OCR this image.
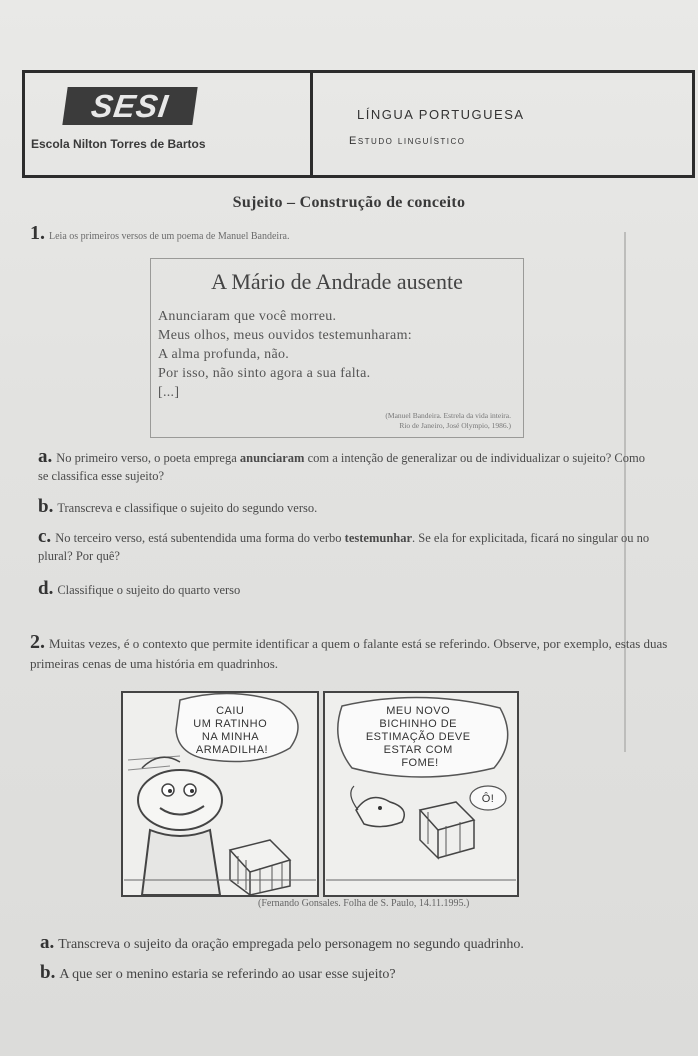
SESI
Escola Nilton Torres de Bartos
LÍNGUA PORTUGUESA
Estudo linguístico
Sujeito – Construção de conceito
1. Leia os primeiros versos de um poema de Manuel Bandeira.
A Mário de Andrade ausente
Anunciaram que você morreu.
Meus olhos, meus ouvidos testemunharam:
A alma profunda, não.
Por isso, não sinto agora a sua falta.
[...]
(Manuel Bandeira. Estrela da vida inteira.
Rio de Janeiro, José Olympio, 1986.)
a. No primeiro verso, o poeta emprega anunciaram com a intenção de generalizar ou de individualizar o sujeito? Como se classifica esse sujeito?
b. Transcreva e classifique o sujeito do segundo verso.
c. No terceiro verso, está subentendida uma forma do verbo testemunhar. Se ela for explicitada, ficará no singular ou no plural? Por quê?
d. Classifique o sujeito do quarto verso
2. Muitas vezes, é o contexto que permite identificar a quem o falante está se referindo. Observe, por exemplo, estas duas primeiras cenas de uma história em quadrinhos.
CAIU UM RATINHO NA MINHA ARMADILHA!
MEU NOVO BICHINHO DE ESTIMAÇÃO DEVE ESTAR COM FOME!
Ô!
(Fernando Gonsales. Folha de S. Paulo, 14.11.1995.)
a. Transcreva o sujeito da oração empregada pelo personagem no segundo quadrinho.
b. A que ser o menino estaria se referindo ao usar esse sujeito?
